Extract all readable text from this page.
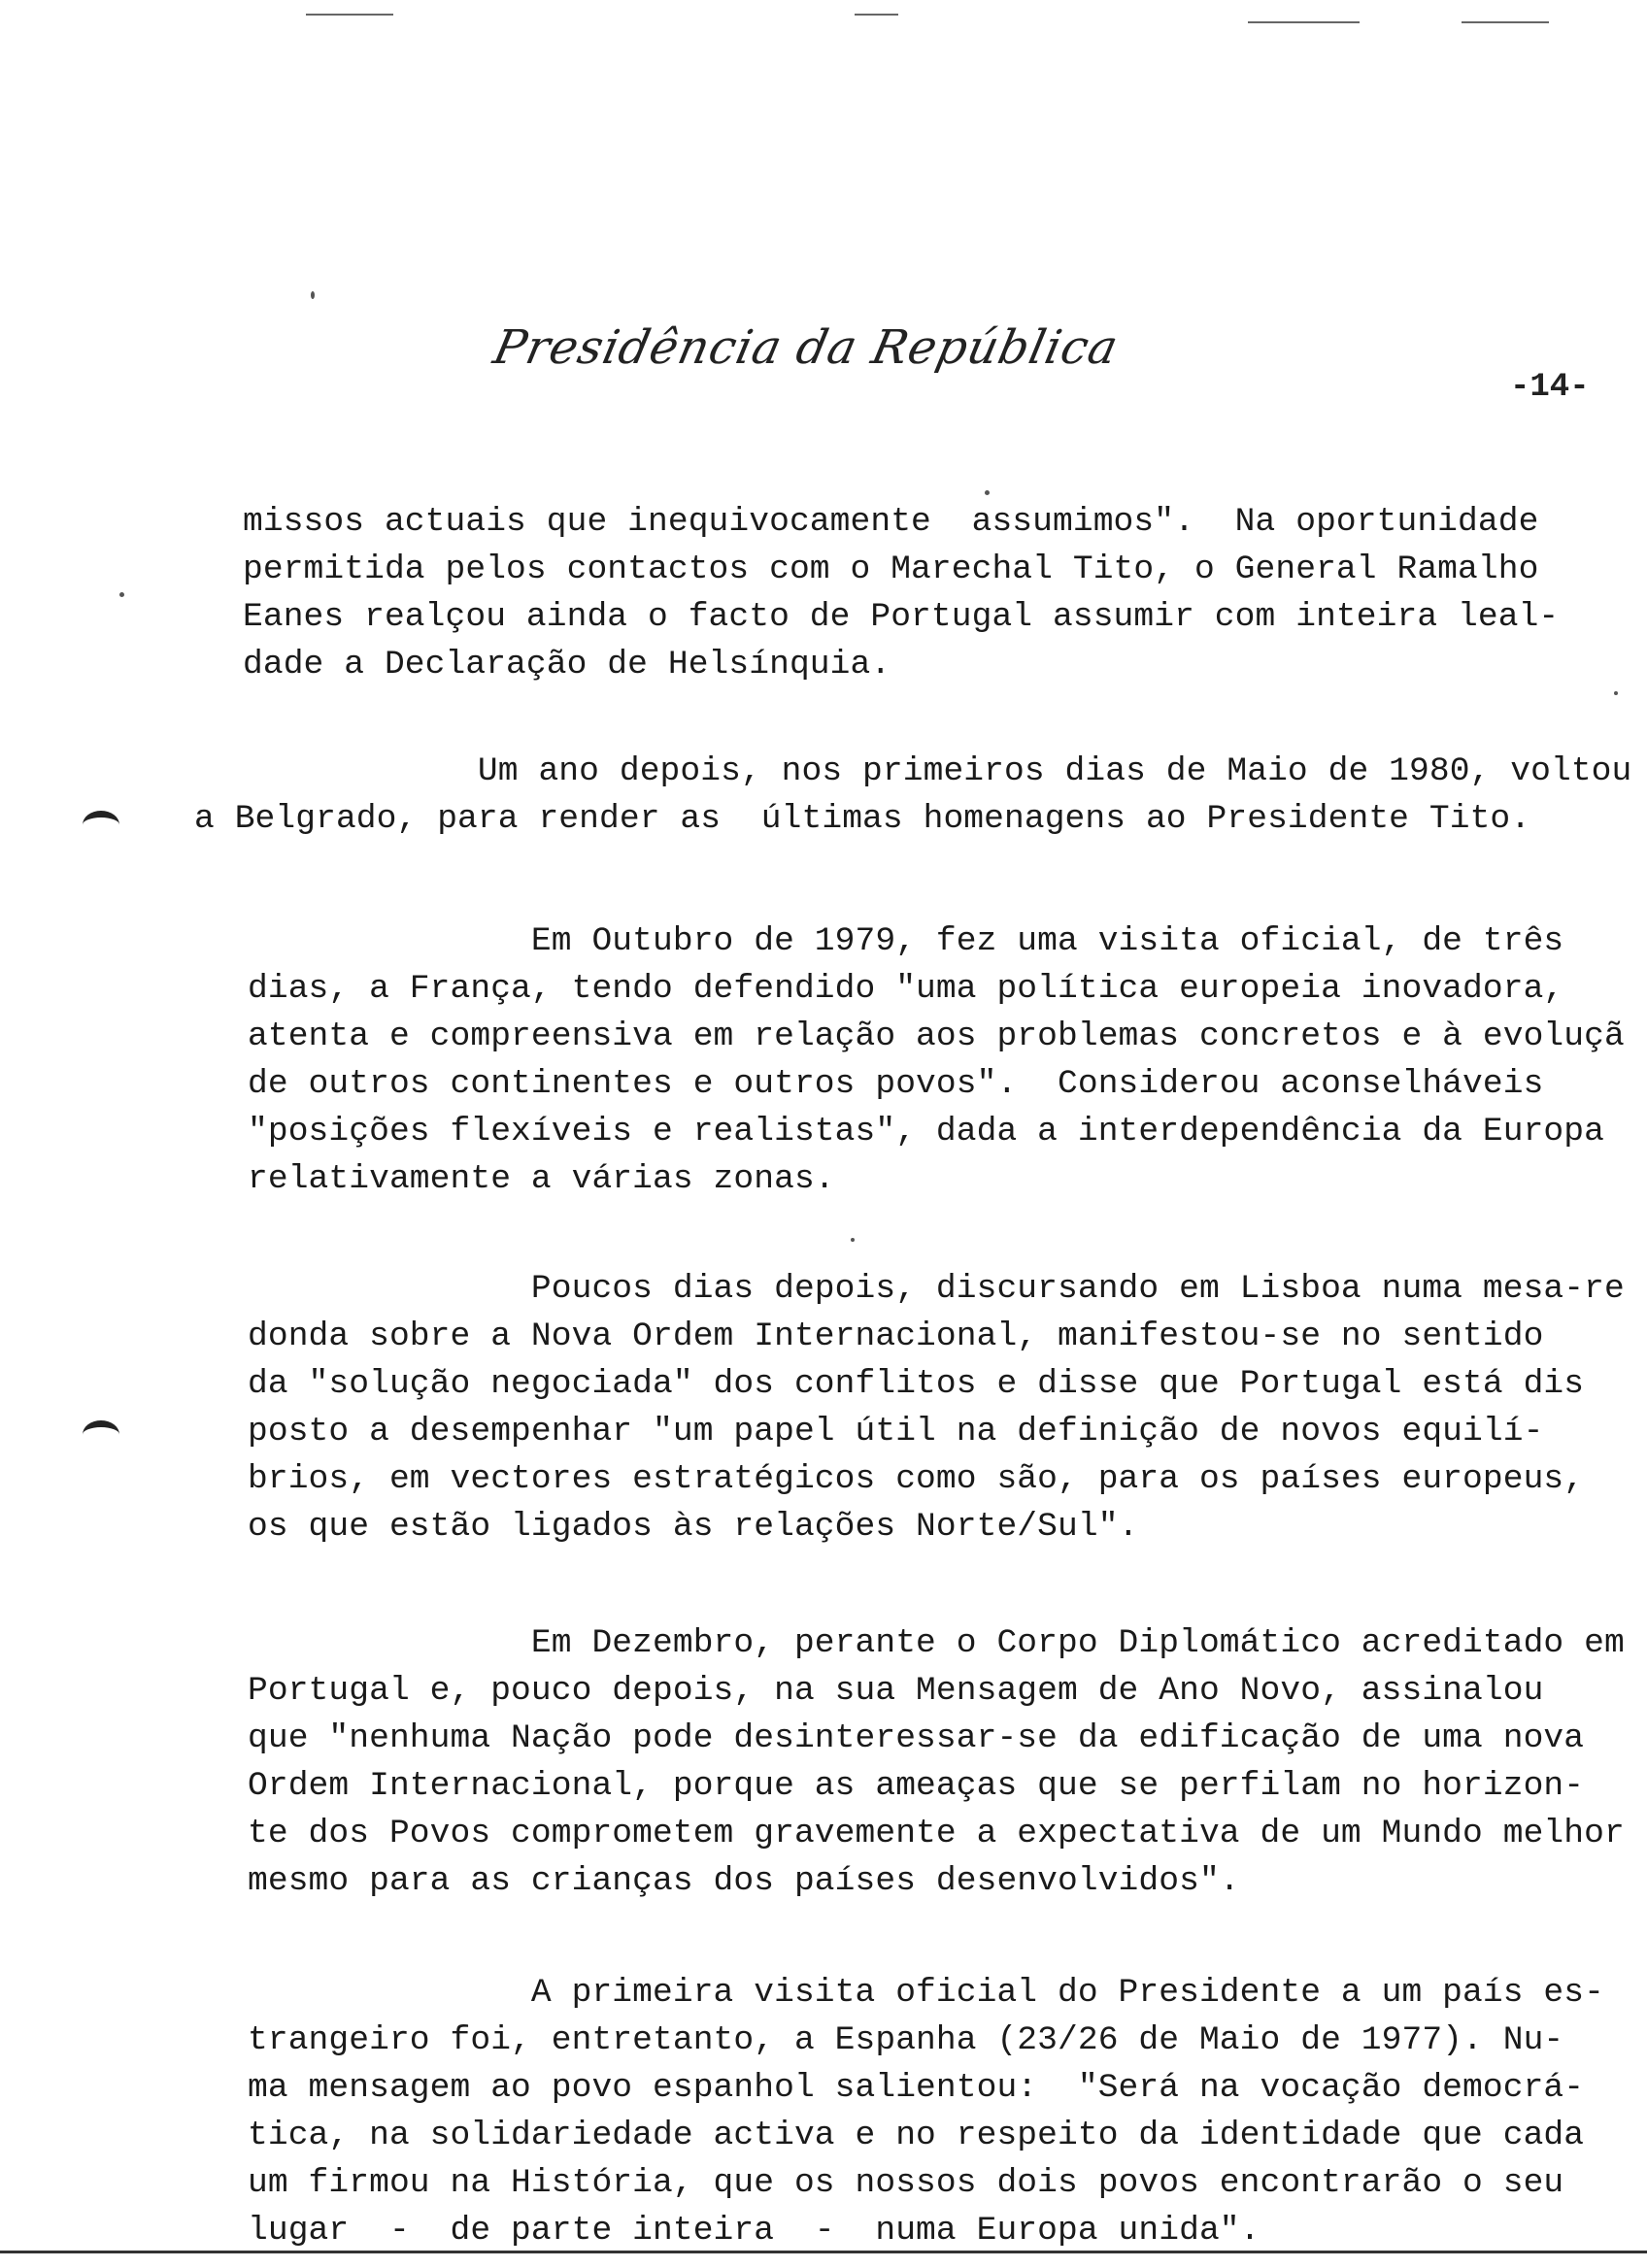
Presidência da República
-14-
missos actuais que inequivocamente  assumimos".  Na oportunidade
permitida pelos contactos com o Marechal Tito, o General Ramalho
Eanes realçou ainda o facto de Portugal assumir com inteira leal-
dade a Declaração de Helsínquia.
Um ano depois, nos primeiros dias de Maio de 1980, voltou
a Belgrado, para render as  últimas homenagens ao Presidente Tito.
Em Outubro de 1979, fez uma visita oficial, de três
dias, a França, tendo defendido "uma política europeia inovadora,
atenta e compreensiva em relação aos problemas concretos e à evoluçã
de outros continentes e outros povos".  Considerou aconselháveis
"posições flexíveis e realistas", dada a interdependência da Europa
relativamente a várias zonas.
Poucos dias depois, discursando em Lisboa numa mesa-re
donda sobre a Nova Ordem Internacional, manifestou-se no sentido
da "solução negociada" dos conflitos e disse que Portugal está dis
posto a desempenhar "um papel útil na definição de novos equilí-
brios, em vectores estratégicos como são, para os países europeus,
os que estão ligados às relações Norte/Sul".
Em Dezembro, perante o Corpo Diplomático acreditado em
Portugal e, pouco depois, na sua Mensagem de Ano Novo, assinalou
que "nenhuma Nação pode desinteressar-se da edificação de uma nova
Ordem Internacional, porque as ameaças que se perfilam no horizon-
te dos Povos comprometem gravemente a expectativa de um Mundo melhor
mesmo para as crianças dos países desenvolvidos".
A primeira visita oficial do Presidente a um país es-
trangeiro foi, entretanto, a Espanha (23/26 de Maio de 1977). Nu-
ma mensagem ao povo espanhol salientou:  "Será na vocação democrá-
tica, na solidariedade activa e no respeito da identidade que cada
um firmou na História, que os nossos dois povos encontrarão o seu
lugar  -  de parte inteira  -  numa Europa unida".
